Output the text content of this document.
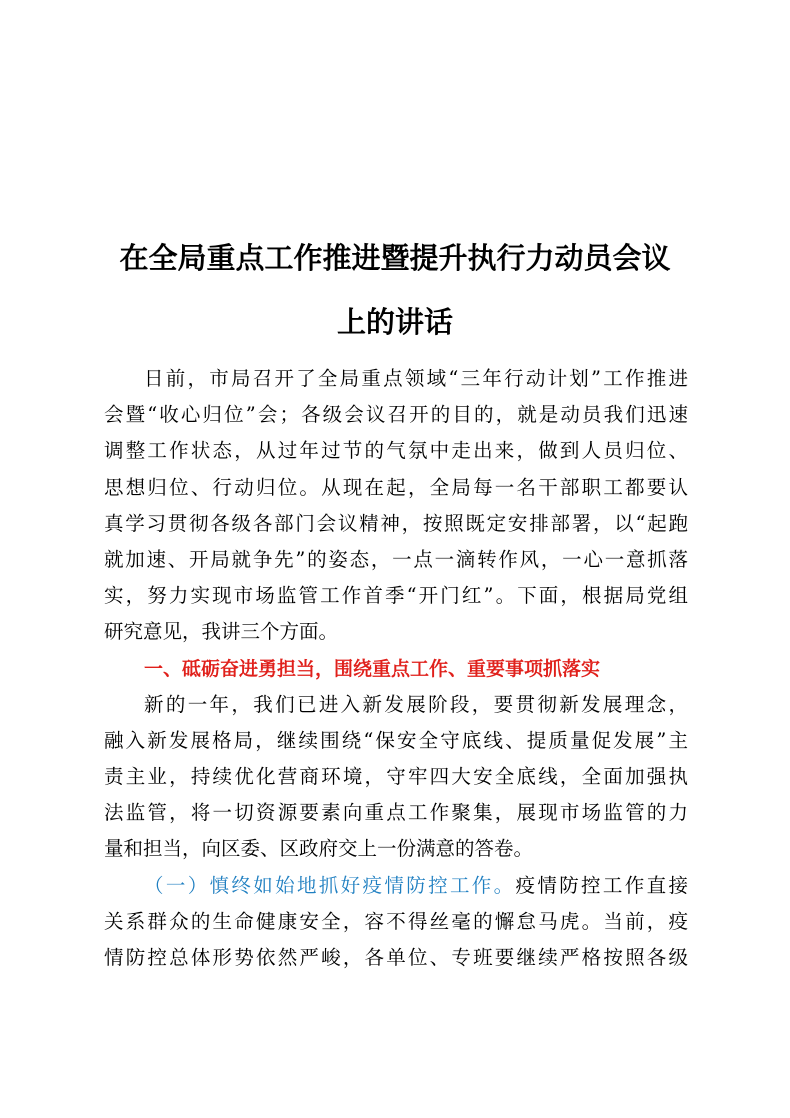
在全局重点工作推进暨提升执行力动员会议
上的讲话

日前，市局召开了全局重点领域“三年行动计划”工作推进
会暨“收心归位”会；各级会议召开的目的，就是动员我们迅速
调整工作状态，从过年过节的气氛中走出来，做到人员归位、
思想归位、行动归位。从现在起，全局每一名干部职工都要认
真学习贯彻各级各部门会议精神，按照既定安排部署，以“起跑
就加速、开局就争先”的姿态，一点一滴转作风，一心一意抓落
实，努力实现市场监管工作首季“开门红”。下面，根据局党组
研究意见，我讲三个方面。

一、砥砺奋进勇担当，围绕重点工作、重要事项抓落实

新的一年，我们已进入新发展阶段，要贯彻新发展理念，
融入新发展格局，继续围绕“保安全守底线、提质量促发展”主
责主业，持续优化营商环境，守牢四大安全底线，全面加强执
法监管，将一切资源要素向重点工作聚集，展现市场监管的力
量和担当，向区委、区政府交上一份满意的答卷。

（一）慎终如始地抓好疫情防控工作。疫情防控工作直接
关系群众的生命健康安全，容不得丝毫的懈怠马虎。当前，疫
情防控总体形势依然严峻，各单位、专班要继续严格按照各级
